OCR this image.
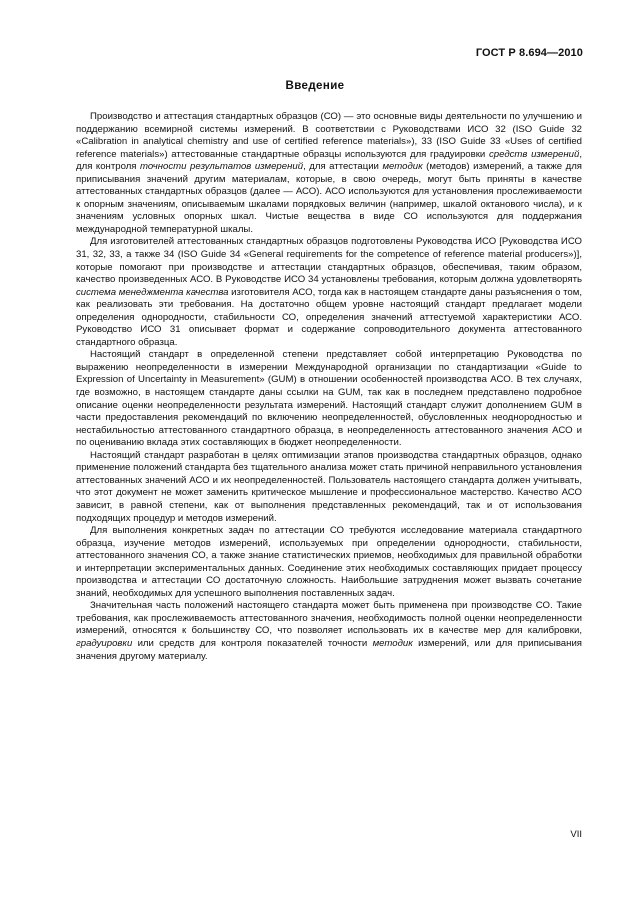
ГОСТ Р 8.694—2010
Введение

Производство и аттестация стандартных образцов (СО) — это основные виды деятельности по улучшению и поддержанию всемирной системы измерений. В соответствии с Руководствами ИСО 32 (ISO Guide 32 «Calibration in analytical chemistry and use of certified reference materials»), 33 (ISO Guide 33 «Uses of certified reference materials») аттестованные стандартные образцы используются для градуировки средств измерений, для контроля точности результатов измерений, для аттестации методик (методов) измерений, а также для приписывания значений другим материалам, которые, в свою очередь, могут быть приняты в качестве аттестованных стандартных образцов (далее — АСО). АСО используются для установления прослеживаемости к опорным значениям, описываемым шкалами порядковых величин (например, шкалой октанового числа), и к значениям условных опорных шкал. Чистые вещества в виде СО используются для поддержания международной температурной шкалы.

Для изготовителей аттестованных стандартных образцов подготовлены Руководства ИСО [Руководства ИСО 31, 32, 33, а также 34 (ISO Guide 34 «General requirements for the competence of reference material producers»)], которые помогают при производстве и аттестации стандартных образцов, обеспечивая, таким образом, качество произведенных АСО. В Руководстве ИСО 34 установлены требования, которым должна удовлетворять система менеджмента качества изготовителя АСО, тогда как в настоящем стандарте даны разъяснения о том, как реализовать эти требования. На достаточно общем уровне настоящий стандарт предлагает модели определения однородности, стабильности СО, определения значений аттестуемой характеристики АСО. Руководство ИСО 31 описывает формат и содержание сопроводительного документа аттестованного стандартного образца.

Настоящий стандарт в определенной степени представляет собой интерпретацию Руководства по выражению неопределенности в измерении Международной организации по стандартизации «Guide to Expression of Uncertainty in Measurement» (GUM) в отношении особенностей производства АСО. В тех случаях, где возможно, в настоящем стандарте даны ссылки на GUM, так как в последнем представлено подробное описание оценки неопределенности результата измерений. Настоящий стандарт служит дополнением GUM в части предоставления рекомендаций по включению неопределенностей, обусловленных неоднородностью и нестабильностью аттестованного стандартного образца, в неопределенность аттестованного значения АСО и по оцениванию вклада этих составляющих в бюджет неопределенности.

Настоящий стандарт разработан в целях оптимизации этапов производства стандартных образцов, однако применение положений стандарта без тщательного анализа может стать причиной неправильного установления аттестованных значений АСО и их неопределенностей. Пользователь настоящего стандарта должен учитывать, что этот документ не может заменить критическое мышление и профессиональное мастерство. Качество АСО зависит, в равной степени, как от выполнения представленных рекомендаций, так и от использования подходящих процедур и методов измерений.

Для выполнения конкретных задач по аттестации СО требуются исследование материала стандартного образца, изучение методов измерений, используемых при определении однородности, стабильности, аттестованного значения СО, а также знание статистических приемов, необходимых для правильной обработки и интерпретации экспериментальных данных. Соединение этих необходимых составляющих придает процессу производства и аттестации СО достаточную сложность. Наибольшие затруднения может вызвать сочетание знаний, необходимых для успешного выполнения поставленных задач.

Значительная часть положений настоящего стандарта может быть применена при производстве СО. Такие требования, как прослеживаемость аттестованного значения, необходимость полной оценки неопределенности измерений, относятся к большинству СО, что позволяет использовать их в качестве мер для калибровки, градуировки или средств для контроля показателей точности методик измерений, или для приписывания значения другому материалу.

VII
